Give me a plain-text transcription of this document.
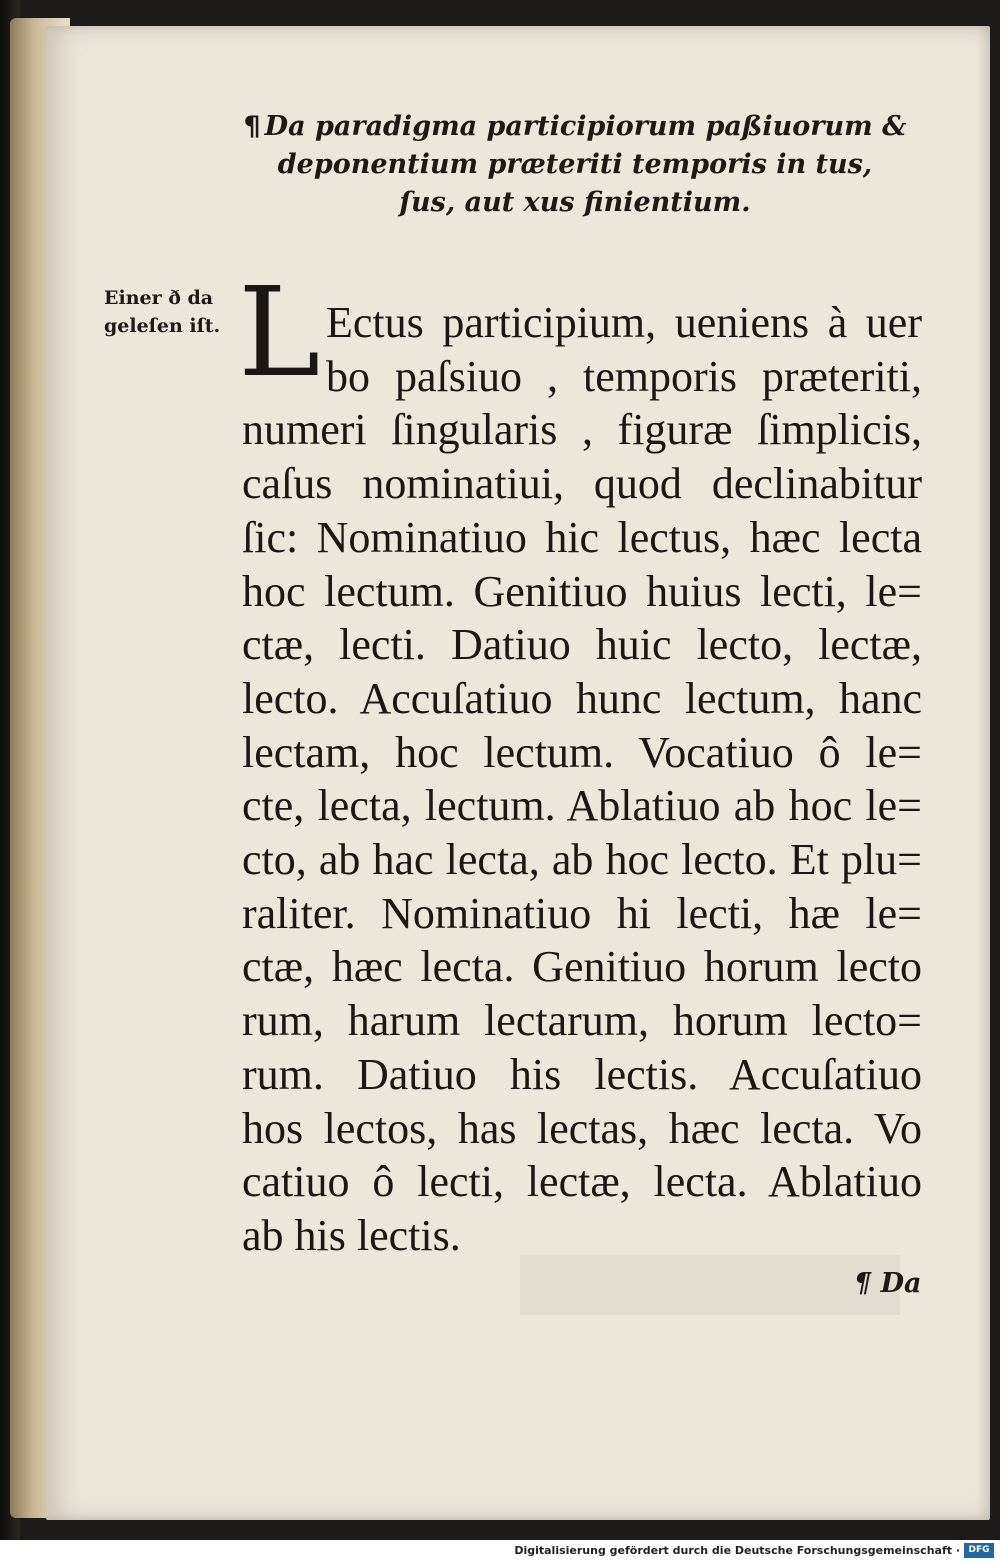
¶ Da paradigma participiorum paßiuorum &
deponentium præteriti temporis in tus,
ſus, aut xus finientium.
Einer ð da
geleſen iſt. L Ectus participium, ueniens à uer
bo paſsiuo , temporis præteriti,
numeri ſingularis , figuræ ſimplicis,
caſus nominatiui, quod declinabitur
ſic: Nominatiuo hic lectus, hæc lecta
hoc lectum. Genitiuo huius lecti, le=
ctæ, lecti. Datiuo huic lecto, lectæ,
lecto. Accuſatiuo hunc lectum, hanc
lectam, hoc lectum. Vocatiuo ô le=
cte, lecta, lectum. Ablatiuo ab hoc le=
cto, ab hac lecta, ab hoc lecto. Et plu=
raliter. Nominatiuo hi lecti, hæ le=
ctæ, hæc lecta. Genitiuo horum lecto
rum, harum lectarum, horum lecto=
rum. Datiuo his lectis. Accuſatiuo
hos lectos, has lectas, hæc lecta. Vo
catiuo ô lecti, lectæ, lecta. Ablatiuo
ab his lectis.
¶ Da
Digitalisierung gefördert durch die Deutsche Forschungsgemeinschaft · DFG
